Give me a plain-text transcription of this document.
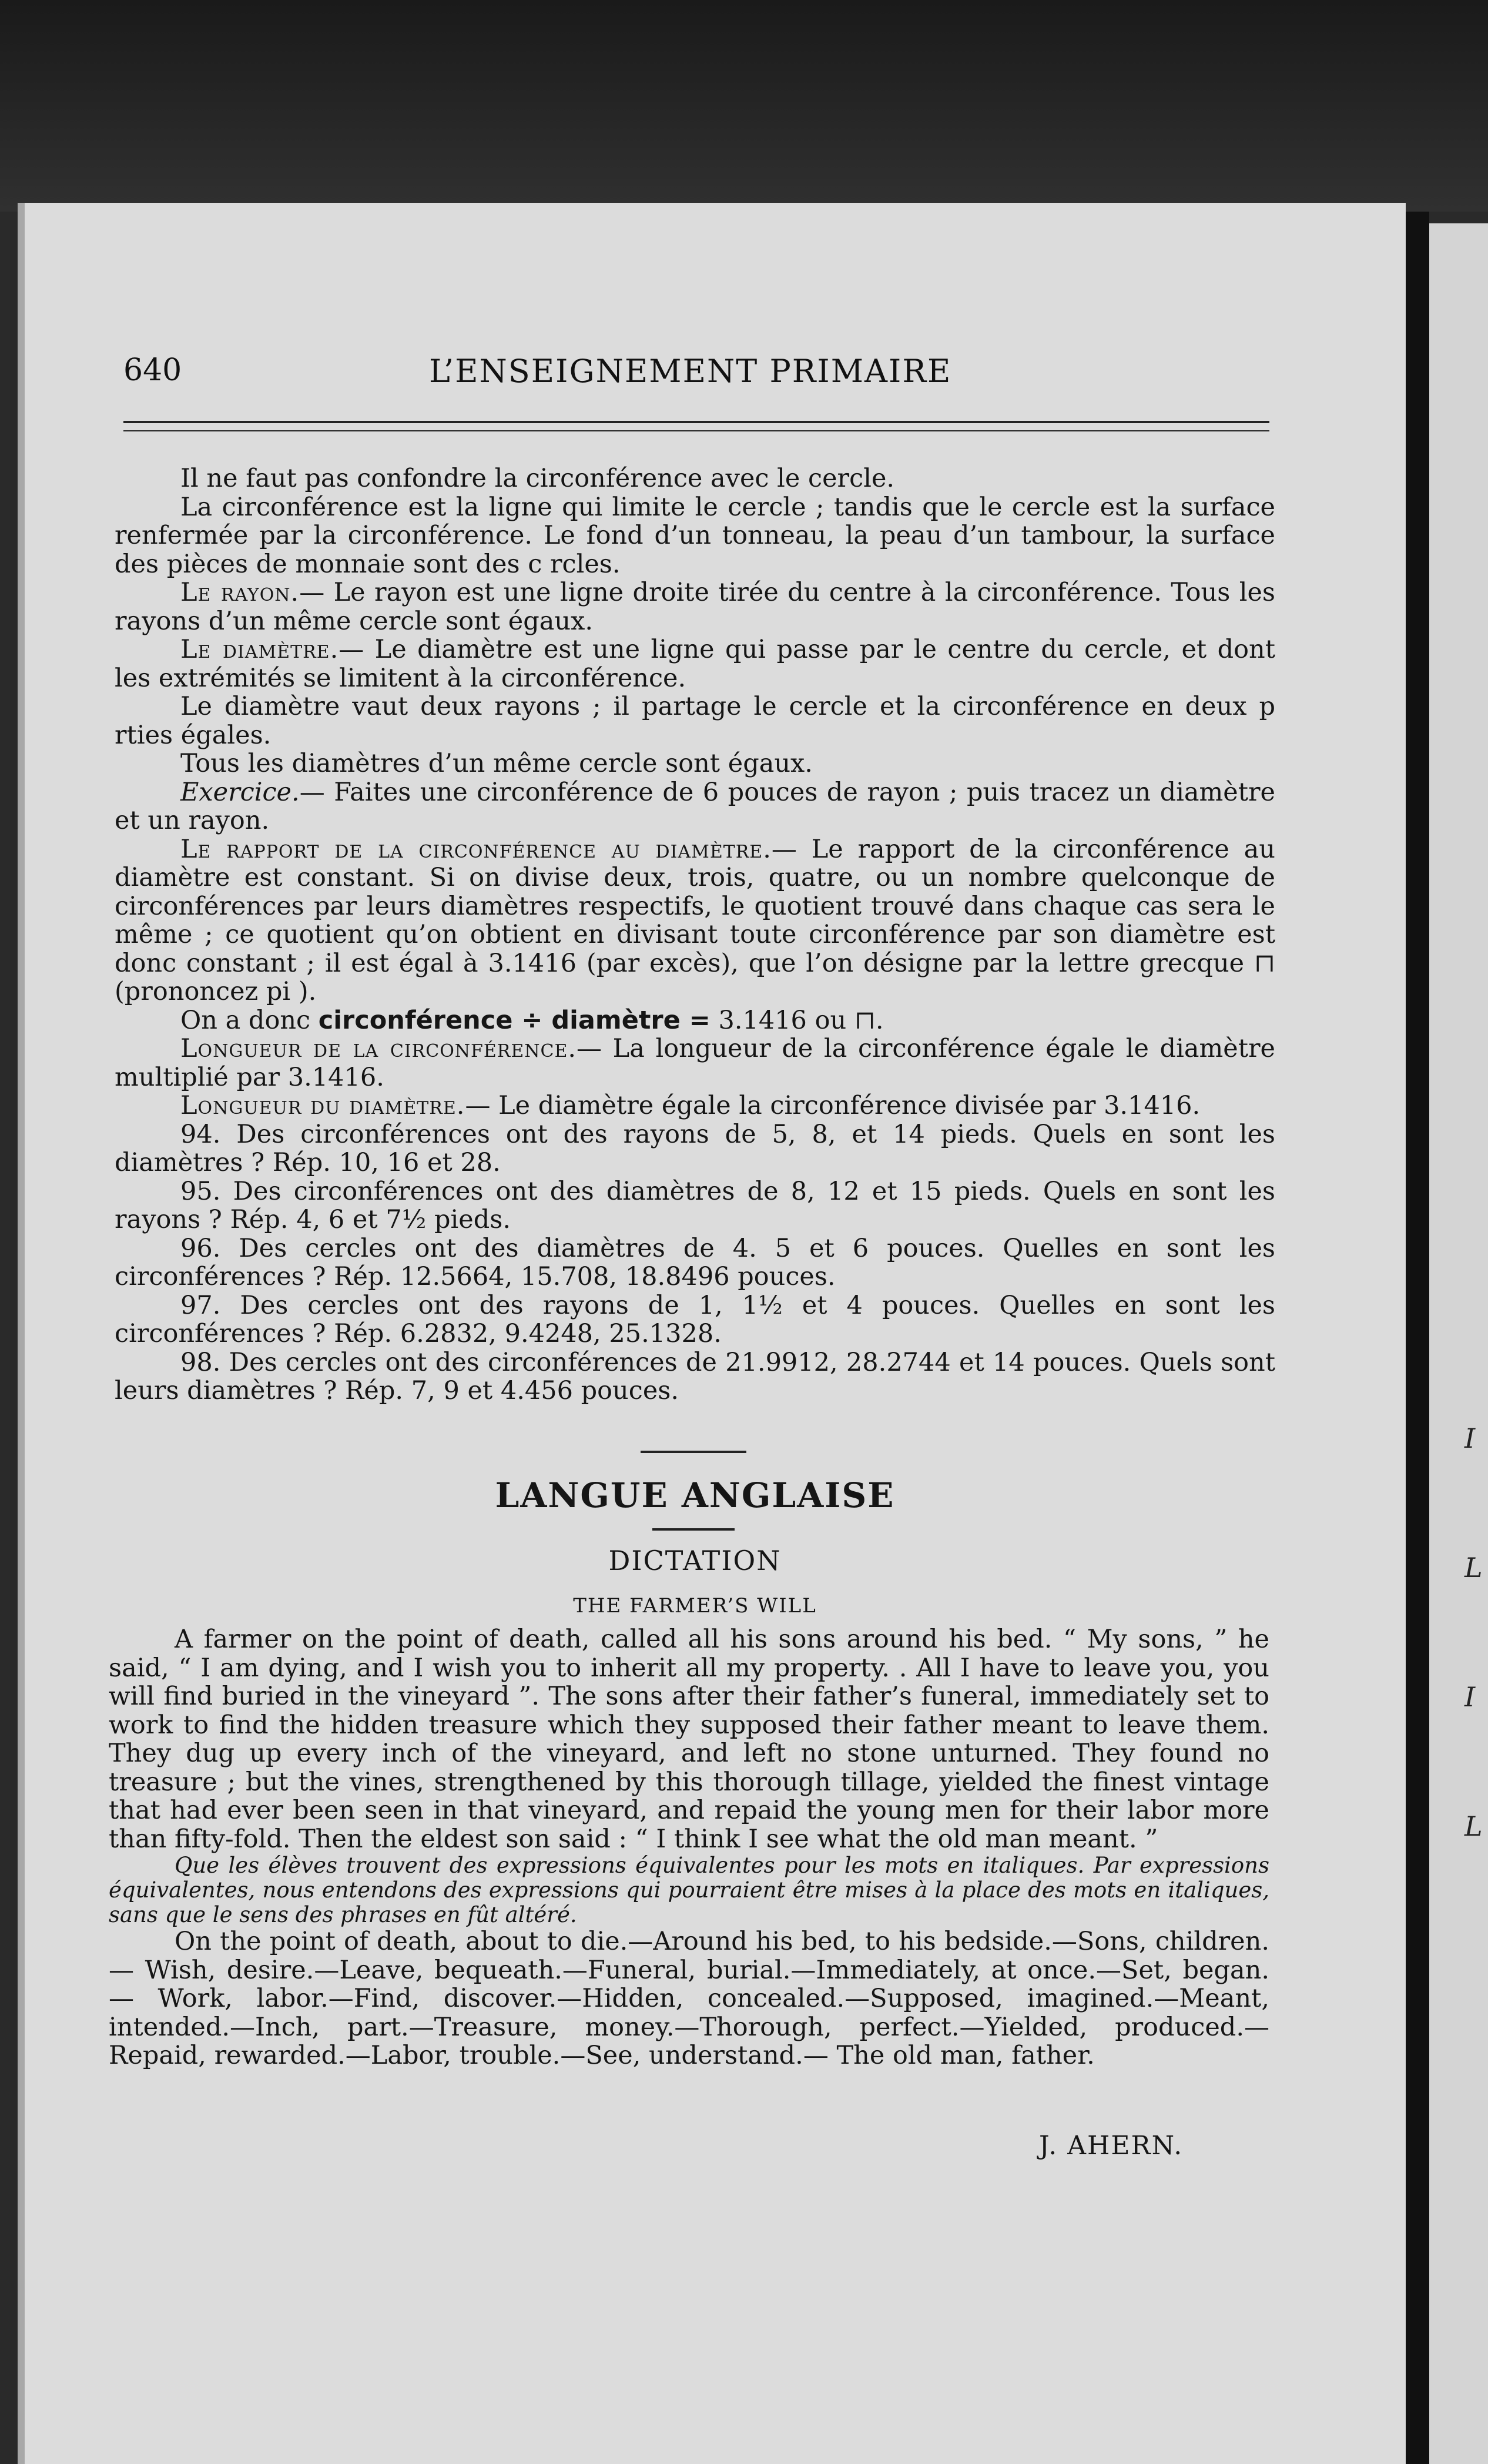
I
L
I
L
640	L’ENSEIGNEMENT PRIMAIRE

Il ne faut pas confondre la circonférence avec le cercle.

La circonférence est la ligne qui limite le cercle ; tandis que le cercle est la surface renfermée par la circonférence. Le fond d’un tonneau, la peau d’un tambour, la surface des pièces de monnaie sont des c rcles.

Le rayon.— Le rayon est une ligne droite tirée du centre à la circonférence. Tous les rayons d’un même cercle sont égaux.

Le diamètre.— Le diamètre est une ligne qui passe par le centre du cercle, et dont les extrémités se limitent à la circonférence.

Le diamètre vaut deux rayons ; il partage le cercle et la circonférence en deux p rties égales.

Tous les diamètres d’un même cercle sont égaux.

Exercice.— Faites une circonférence de 6 pouces de rayon ; puis tracez un diamètre et un rayon.

Le rapport de la circonférence au diamètre.— Le rapport de la circonférence au diamètre est constant. Si on divise deux, trois, quatre, ou un nombre quelconque de circonférences par leurs diamètres respectifs, le quotient trouvé dans chaque cas sera le même ; ce quotient qu’on obtient en divisant toute circonférence par son diamètre est donc constant ; il est égal à 3.1416 (par excès), que l’on désigne par la lettre grecque ⊓ (prononcez pi ).

On a donc circonférence ÷ diamètre = 3.1416 ou ⊓.

Longueur de la circonférence.— La longueur de la circonférence égale le diamètre multiplié par 3.1416.

Longueur du diamètre.— Le diamètre égale la circonférence divisée par 3.1416.

94. Des circonférences ont des rayons de 5, 8, et 14 pieds. Quels en sont les diamètres ? Rép. 10, 16 et 28.

95. Des circonférences ont des diamètres de 8, 12 et 15 pieds. Quels en sont les rayons ? Rép. 4, 6 et 7½ pieds.

96. Des cercles ont des diamètres de 4. 5 et 6 pouces. Quelles en sont les circonférences ? Rép. 12.5664, 15.708, 18.8496 pouces.

97. Des cercles ont des rayons de 1, 1½ et 4 pouces. Quelles en sont les circonférences ? Rép. 6.2832, 9.4248, 25.1328.

98. Des cercles ont des circonférences de 21.9912, 28.2744 et 14 pouces. Quels sont leurs diamètres ? Rép. 7, 9 et 4.456 pouces.

LANGUE ANGLAISE
DICTATION
THE FARMER’S WILL

A farmer on the point of death, called all his sons around his bed. “ My sons, ” he said, “ I am dying, and I wish you to inherit all my property. . All I have to leave you, you will find buried in the vineyard ”. The sons after their father’s funeral, immediately set to work to find the hidden treasure which they supposed their father meant to leave them. They dug up every inch of the vineyard, and left no stone unturned. They found no treasure ; but the vines, strengthened by this thorough tillage, yielded the finest vintage that had ever been seen in that vineyard, and repaid the young men for their labor more than fifty-fold. Then the eldest son said : “ I think I see what the old man meant. ”

Que les élèves trouvent des expressions équivalentes pour les mots en italiques. Par expressions équivalentes, nous entendons des expressions qui pourraient être mises à la place des mots en italiques, sans que le sens des phrases en fût altéré.

On the point of death, about to die.—Around his bed, to his bedside.—Sons, children.— Wish, desire.—Leave, bequeath.—Funeral, burial.—Immediately, at once.—Set, began.— Work, labor.—Find, discover.—Hidden, concealed.—Supposed, imagined.—Meant, intended.—Inch, part.—Treasure, money.—Thorough, perfect.—Yielded, produced.—Repaid, rewarded.—Labor, trouble.—See, understand.— The old man, father.

J. AHERN.
